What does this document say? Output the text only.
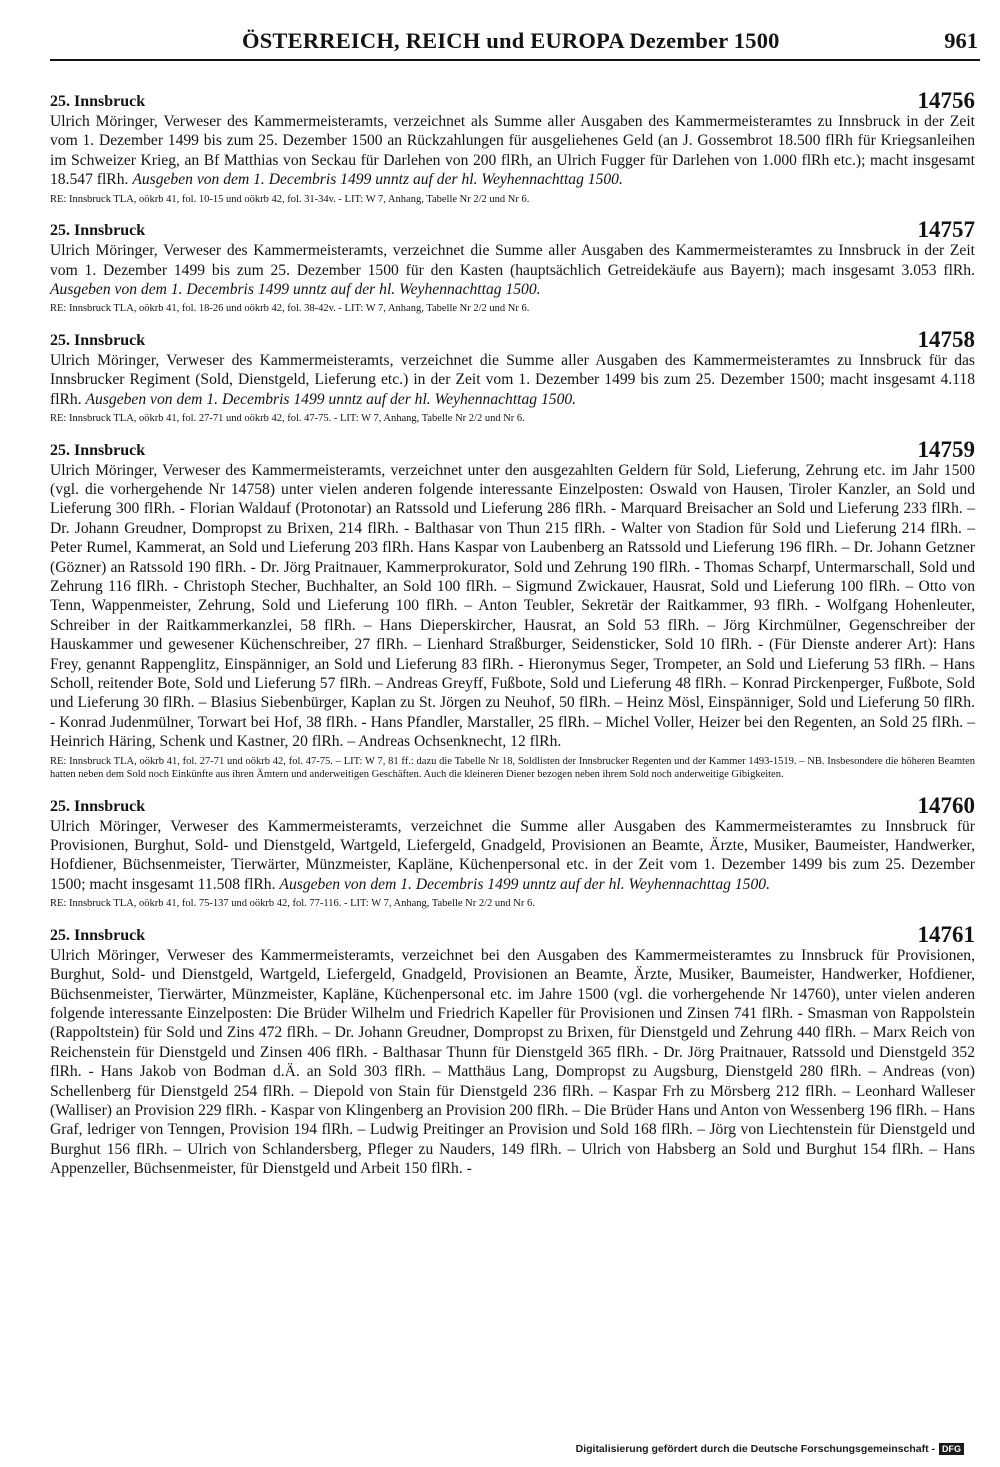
ÖSTERREICH, REICH und EUROPA Dezember 1500	961
25. Innsbruck	14756

Ulrich Möringer, Verweser des Kammermeisteramts, verzeichnet als Summe aller Ausgaben des Kammermeisteramtes zu Innsbruck in der Zeit vom 1. Dezember 1499 bis zum 25. Dezember 1500 an Rückzahlungen für ausgeliehenes Geld (an J. Gossembrot 18.500 flRh für Kriegsanleihen im Schweizer Krieg, an Bf Matthias von Seckau für Darlehen von 200 flRh, an Ulrich Fugger für Darlehen von 1.000 flRh etc.); macht insgesamt 18.547 flRh. Ausgeben von dem 1. Decembris 1499 unntz auf der hl. Weyhennachttag 1500.

RE: Innsbruck TLA, oökrb 41, fol. 10-15 und oökrb 42, fol. 31-34v. - LIT: W 7, Anhang, Tabelle Nr 2/2 und Nr 6.
25. Innsbruck	14757

Ulrich Möringer, Verweser des Kammermeisteramts, verzeichnet die Summe aller Ausgaben des Kammermeisteramtes zu Innsbruck in der Zeit vom 1. Dezember 1499 bis zum 25. Dezember 1500 für den Kasten (hauptsächlich Getreidekäufe aus Bayern); mach insgesamt 3.053 flRh. Ausgeben von dem 1. Decembris 1499 unntz auf der hl. Weyhennachttag 1500.

RE: Innsbruck TLA, oökrb 41, fol. 18-26 und oökrb 42, fol. 38-42v. - LIT: W 7, Anhang, Tabelle Nr 2/2 und Nr 6.
25. Innsbruck	14758

Ulrich Möringer, Verweser des Kammermeisteramts, verzeichnet die Summe aller Ausgaben des Kammermeisteramtes zu Innsbruck für das Innsbrucker Regiment (Sold, Dienstgeld, Lieferung etc.) in der Zeit vom 1. Dezember 1499 bis zum 25. Dezember 1500; macht insgesamt 4.118 flRh. Ausgeben von dem 1. Decembris 1499 unntz auf der hl. Weyhennachttag 1500.

RE: Innsbruck TLA, oökrb 41, fol. 27-71 und oökrb 42, fol. 47-75. - LIT: W 7, Anhang, Tabelle Nr 2/2 und Nr 6.
25. Innsbruck	14759

Ulrich Möringer, Verweser des Kammermeisteramts, verzeichnet unter den ausgezahlten Geldern für Sold, Lieferung, Zehrung etc. im Jahr 1500 (vgl. die vorhergehende Nr 14758) unter vielen anderen folgende interessante Einzelposten: Oswald von Hausen, Tiroler Kanzler, an Sold und Lieferung 300 flRh. - Florian Waldauf (Protonotar) an Ratssold und Lieferung 286 flRh. - Marquard Breisacher an Sold und Lieferung 233 flRh. – Dr. Johann Greudner, Dompropst zu Brixen, 214 flRh. - Balthasar von Thun 215 flRh. - Walter von Stadion für Sold und Lieferung 214 flRh. – Peter Rumel, Kammerat, an Sold und Lieferung 203 flRh. Hans Kaspar von Laubenberg an Ratssold und Lieferung 196 flRh. – Dr. Johann Getzner (Gözner) an Ratssold 190 flRh. - Dr. Jörg Praitnauer, Kammerprokurator, Sold und Zehrung 190 flRh. - Thomas Scharpf, Untermarschall, Sold und Zehrung 116 flRh. - Christoph Stecher, Buchhalter, an Sold 100 flRh. – Sigmund Zwickauer, Hausrat, Sold und Lieferung 100 flRh. – Otto von Tenn, Wappenmeister, Zehrung, Sold und Lieferung 100 flRh. – Anton Teubler, Sekretär der Raitkammer, 93 flRh. - Wolfgang Hohenleuter, Schreiber in der Raitkammerkanzlei, 58 flRh. – Hans Dieperskircher, Hausrat, an Sold 53 flRh. – Jörg Kirchmülner, Gegenschreiber der Hauskammer und gewesener Küchenschreiber, 27 flRh. – Lienhard Straßburger, Seidensticker, Sold 10 flRh. - (Für Dienste anderer Art): Hans Frey, genannt Rappenglitz, Einspänniger, an Sold und Lieferung 83 flRh. - Hieronymus Seger, Trompeter, an Sold und Lieferung 53 flRh. – Hans Scholl, reitender Bote, Sold und Lieferung 57 flRh. – Andreas Greyff, Fußbote, Sold und Lieferung 48 flRh. – Konrad Pirckenperger, Fußbote, Sold und Lieferung 30 flRh. – Blasius Siebenbürger, Kaplan zu St. Jörgen zu Neuhof, 50 flRh. – Heinz Mösl, Einspänniger, Sold und Lieferung 50 flRh. - Konrad Judenmülner, Torwart bei Hof, 38 flRh. - Hans Pfandler, Marstaller, 25 flRh. – Michel Voller, Heizer bei den Regenten, an Sold 25 flRh. – Heinrich Häring, Schenk und Kastner, 20 flRh. – Andreas Ochsenknecht, 12 flRh.

RE: Innsbruck TLA, oökrb 41, fol. 27-71 und oökrb 42, fol. 47-75. – LIT: W 7, 81 ff.: dazu die Tabelle Nr 18, Soldlisten der Innsbrucker Regenten und der Kammer 1493-1519. – NB. Insbesondere die höheren Beamten hatten neben dem Sold noch Einkünfte aus ihren Ämtern und anderweitigen Geschäften. Auch die kleineren Diener bezogen neben ihrem Sold noch anderweitige Gibigkeiten.
25. Innsbruck	14760

Ulrich Möringer, Verweser des Kammermeisteramts, verzeichnet die Summe aller Ausgaben des Kammermeisteramtes zu Innsbruck für Provisionen, Burghut, Sold- und Dienstgeld, Wartgeld, Liefergeld, Gnadgeld, Provisionen an Beamte, Ärzte, Musiker, Baumeister, Handwerker, Hofdiener, Büchsenmeister, Tierwärter, Münzmeister, Kapläne, Küchenpersonal etc. in der Zeit vom 1. Dezember 1499 bis zum 25. Dezember 1500; macht insgesamt 11.508 flRh. Ausgeben von dem 1. Decembris 1499 unntz auf der hl. Weyhennachttag 1500.

RE: Innsbruck TLA, oökrb 41, fol. 75-137 und oökrb 42, fol. 77-116. - LIT: W 7, Anhang, Tabelle Nr 2/2 und Nr 6.
25. Innsbruck	14761

Ulrich Möringer, Verweser des Kammermeisteramts, verzeichnet bei den Ausgaben des Kammermeisteramtes zu Innsbruck für Provisionen, Burghut, Sold- und Dienstgeld, Wartgeld, Liefergeld, Gnadgeld, Provisionen an Beamte, Ärzte, Musiker, Baumeister, Handwerker, Hofdiener, Büchsenmeister, Tierwärter, Münzmeister, Kapläne, Küchenpersonal etc. im Jahre 1500 (vgl. die vorhergehende Nr 14760), unter vielen anderen folgende interessante Einzelposten: Die Brüder Wilhelm und Friedrich Kapeller für Provisionen und Zinsen 741 flRh. - Smasman von Rappolstein (Rappoltstein) für Sold und Zins 472 flRh. – Dr. Johann Greudner, Dompropst zu Brixen, für Dienstgeld und Zehrung 440 flRh. – Marx Reich von Reichenstein für Dienstgeld und Zinsen 406 flRh. - Balthasar Thunn für Dienstgeld 365 flRh. - Dr. Jörg Praitnauer, Ratssold und Dienstgeld 352 flRh. - Hans Jakob von Bodman d.Ä. an Sold 303 flRh. – Matthäus Lang, Dompropst zu Augsburg, Dienstgeld 280 flRh. – Andreas (von) Schellenberg für Dienstgeld 254 flRh. – Diepold von Stain für Dienstgeld 236 flRh. – Kaspar Frh zu Mörsberg 212 flRh. – Leonhard Walleser (Walliser) an Provision 229 flRh. - Kaspar von Klingenberg an Provision 200 flRh. – Die Brüder Hans und Anton von Wessenberg 196 flRh. – Hans Graf, ledriger von Tenngen, Provision 194 flRh. – Ludwig Preitinger an Provision und Sold 168 flRh. – Jörg von Liechtenstein für Dienstgeld und Burghut 156 flRh. – Ulrich von Schlandersberg, Pfleger zu Nauders, 149 flRh. – Ulrich von Habsberg an Sold und Burghut 154 flRh. – Hans Appenzeller, Büchsenmeister, für Dienstgeld und Arbeit 150 flRh. -

Digitalisierung gefördert durch die Deutsche Forschungsgemeinschaft - DFG
